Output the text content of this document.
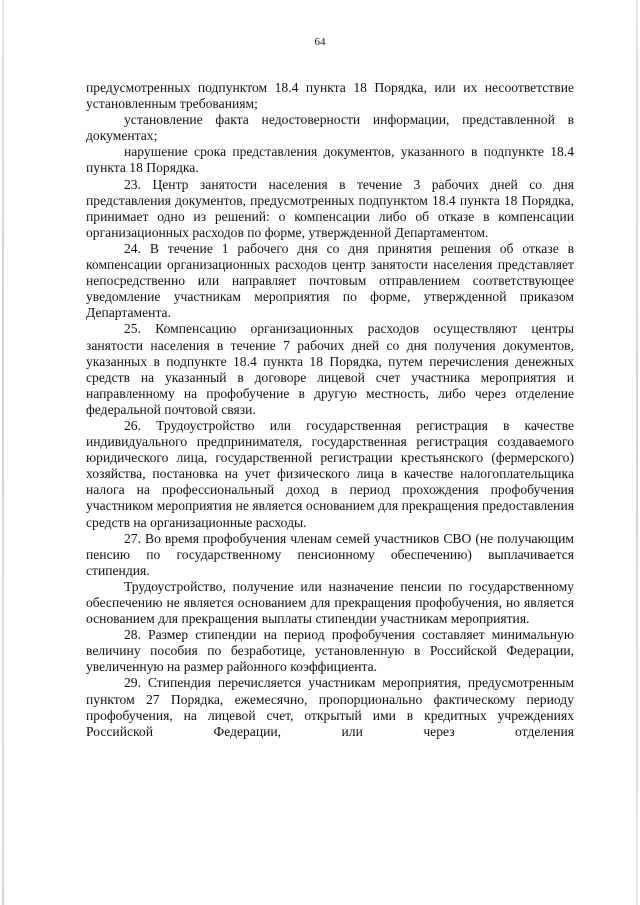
64

предусмотренных подпунктом 18.4 пункта 18 Порядка, или их несоответствие установленным требованиям;

установление факта недостоверности информации, представленной в документах;

нарушение срока представления документов, указанного в подпункте 18.4 пункта 18 Порядка.

23. Центр занятости населения в течение 3 рабочих дней со дня представления документов, предусмотренных подпунктом 18.4 пункта 18 Порядка, принимает одно из решений: о компенсации либо об отказе в компенсации организационных расходов по форме, утвержденной Департаментом.

24. В течение 1 рабочего дня со дня принятия решения об отказе в компенсации организационных расходов центр занятости населения представляет непосредственно или направляет почтовым отправлением соответствующее уведомление участникам мероприятия по форме, утвержденной приказом Департамента.

25. Компенсацию организационных расходов осуществляют центры занятости населения в течение 7 рабочих дней со дня получения документов, указанных в подпункте 18.4 пункта 18 Порядка, путем перечисления денежных средств на указанный в договоре лицевой счет участника мероприятия и направленному на профобучение в другую местность, либо через отделение федеральной почтовой связи.

26. Трудоустройство или государственная регистрация в качестве индивидуального предпринимателя, государственная регистрация создаваемого юридического лица, государственной регистрации крестьянского (фермерского) хозяйства, постановка на учет физического лица в качестве налогоплательщика налога на профессиональный доход в период прохождения профобучения участником мероприятия не является основанием для прекращения предоставления средств на организационные расходы.

27. Во время профобучения членам семей участников СВО (не получающим пенсию по государственному пенсионному обеспечению) выплачивается стипендия.

Трудоустройство, получение или назначение пенсии по государственному обеспечению не является основанием для прекращения профобучения, но является основанием для прекращения выплаты стипендии участникам мероприятия.

28. Размер стипендии на период профобучения составляет минимальную величину пособия по безработице, установленную в Российской Федерации, увеличенную на размер районного коэффициента.

29. Стипендия перечисляется участникам мероприятия, предусмотренным пунктом 27 Порядка, ежемесячно, пропорционально фактическому периоду профобучения, на лицевой счет, открытый ими в кредитных учреждениях Российской Федерации, или через отделения
